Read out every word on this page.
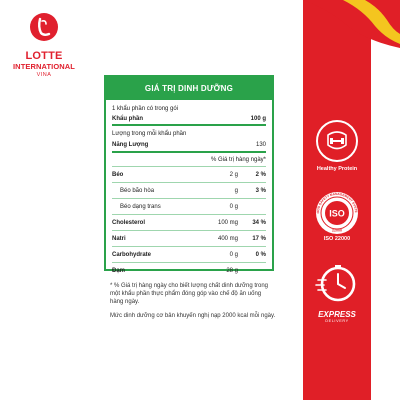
LOTTE
INTERNATIONAL
VINA
GIÁ TRỊ DINH DƯỠNG
1 khẩu phần có trong gói
Khẩu phần	100 g
Lượng trong mỗi khẩu phần
Năng Lượng	130
% Giá trị hàng ngày*
Béo	2 g	2 %
Béo bão hòa	g	3 %
Béo dạng trans	0 g
Cholesterol	100 mg	34 %
Natri	400 mg	17 %
Carbohydrate	0 g	0 %
Đạm	28 g

* % Giá trị hàng ngày cho biết lượng chất dinh dưỡng trong một khẩu phần thực phẩm đóng góp vào chế độ ăn uống hàng ngày.

Mức dinh dưỡng cơ bản khuyến nghị nạp 2000 kcal mỗi ngày.

Healthy Protein
ISO
OOD SAFETY MANAGEMENT SYSTE
22000
ISO 22000
EXPRESS
DELIVERY
